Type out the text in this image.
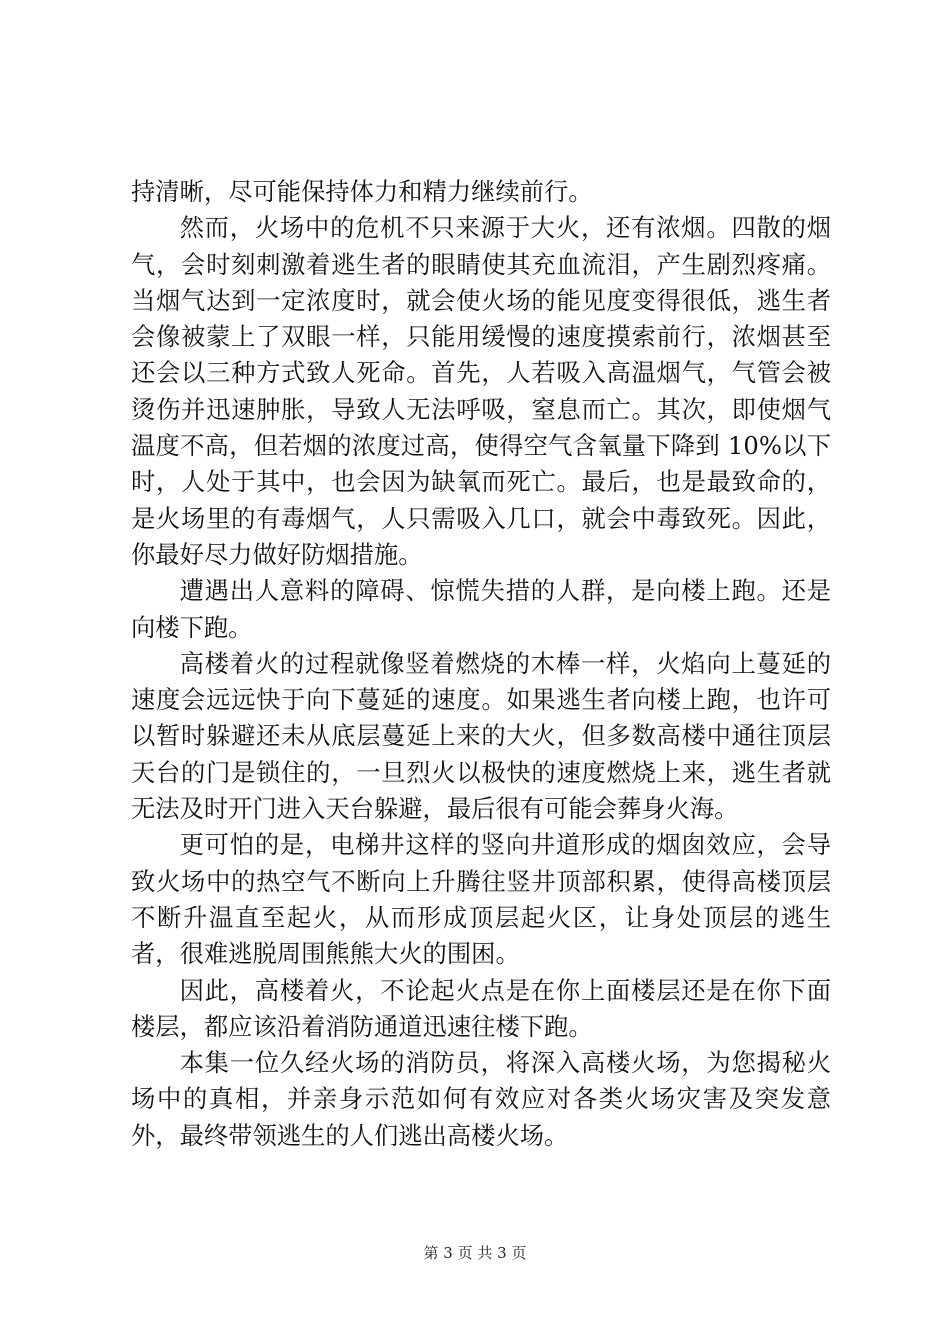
持清晰，尽可能保持体力和精力继续前行。

然而，火场中的危机不只来源于大火，还有浓烟。四散的烟气，会时刻刺激着逃生者的眼睛使其充血流泪，产生剧烈疼痛。当烟气达到一定浓度时，就会使火场的能见度变得很低，逃生者会像被蒙上了双眼一样，只能用缓慢的速度摸索前行，浓烟甚至还会以三种方式致人死命。首先，人若吸入高温烟气，气管会被烫伤并迅速肿胀，导致人无法呼吸，窒息而亡。其次，即使烟气温度不高，但若烟的浓度过高，使得空气含氧量下降到 10%以下时，人处于其中，也会因为缺氧而死亡。最后，也是最致命的，是火场里的有毒烟气，人只需吸入几口，就会中毒致死。因此，你最好尽力做好防烟措施。

遭遇出人意料的障碍、惊慌失措的人群，是向楼上跑。还是向楼下跑。

高楼着火的过程就像竖着燃烧的木棒一样，火焰向上蔓延的速度会远远快于向下蔓延的速度。如果逃生者向楼上跑，也许可以暂时躲避还未从底层蔓延上来的大火，但多数高楼中通往顶层天台的门是锁住的，一旦烈火以极快的速度燃烧上来，逃生者就无法及时开门进入天台躲避，最后很有可能会葬身火海。

更可怕的是，电梯井这样的竖向井道形成的烟囱效应，会导致火场中的热空气不断向上升腾往竖井顶部积累，使得高楼顶层不断升温直至起火，从而形成顶层起火区，让身处顶层的逃生者，很难逃脱周围熊熊大火的围困。

因此，高楼着火，不论起火点是在你上面楼层还是在你下面楼层，都应该沿着消防通道迅速往楼下跑。

本集一位久经火场的消防员，将深入高楼火场，为您揭秘火场中的真相，并亲身示范如何有效应对各类火场灾害及突发意外，最终带领逃生的人们逃出高楼火场。

第 3 页 共 3 页
